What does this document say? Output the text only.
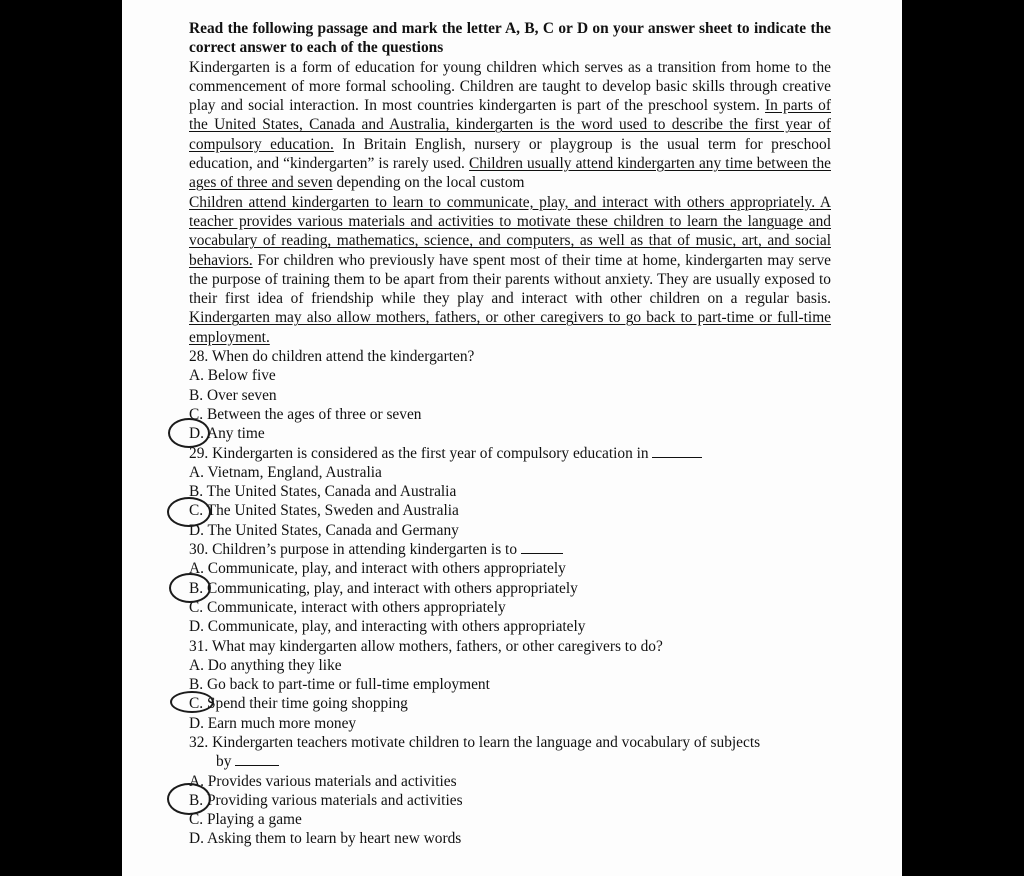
Read the following passage and mark the letter A, B, C or D on your answer sheet to indicate the correct answer to each of the questions
Kindergarten is a form of education for young children which serves as a transition from home to the commencement of more formal schooling. Children are taught to develop basic skills through creative play and social interaction. In most countries kindergarten is part of the preschool system. In parts of the United States, Canada and Australia, kindergarten is the word used to describe the first year of compulsory education. In Britain English, nursery or playgroup is the usual term for preschool education, and “kindergarten” is rarely used. Children usually attend kindergarten any time between the ages of three and seven depending on the local custom
Children attend kindergarten to learn to communicate, play, and interact with others appropriately. A teacher provides various materials and activities to motivate these children to learn the language and vocabulary of reading, mathematics, science, and computers, as well as that of music, art, and social behaviors. For children who previously have spent most of their time at home, kindergarten may serve the purpose of training them to be apart from their parents without anxiety. They are usually exposed to their first idea of friendship while they play and interact with other children on a regular basis. Kindergarten may also allow mothers, fathers, or other caregivers to go back to part-time or full-time employment.
28. When do children attend the kindergarten?
A. Below five
B. Over seven
C. Between the ages of three or seven
D. Any time
29. Kindergarten is considered as the first year of compulsory education in
A. Vietnam, England, Australia
B. The United States, Canada and Australia
C. The United States, Sweden and Australia
D. The United States, Canada and Germany
30. Children’s purpose in attending kindergarten is to
A. Communicate, play, and interact with others appropriately
B. Communicating, play, and interact with others appropriately
C. Communicate, interact with others appropriately
D. Communicate, play, and interacting with others appropriately
31. What may kindergarten allow mothers, fathers, or other caregivers to do?
A. Do anything they like
B. Go back to part-time or full-time employment
C. Spend their time going shopping
D. Earn much more money
32. Kindergarten teachers motivate children to learn the language and vocabulary of subjects
by
A. Provides various materials and activities
B. Providing various materials and activities
C. Playing a game
D. Asking them to learn by heart new words
